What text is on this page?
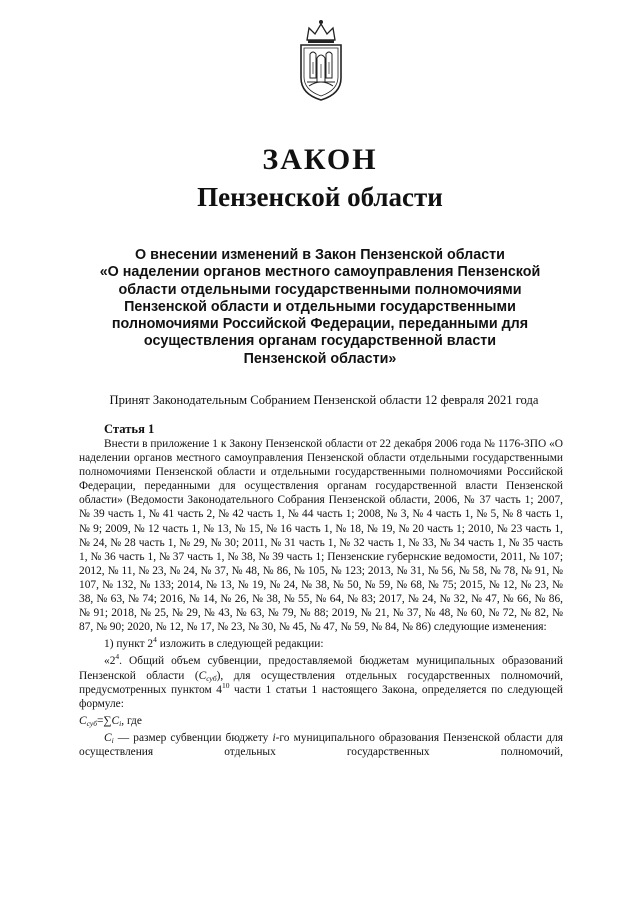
ЗАКОН
Пензенской области
О внесении изменений в Закон Пензенской области
«О наделении органов местного самоуправления Пензенской
области отдельными государственными полномочиями
Пензенской области и отдельными государственными
полномочиями Российской Федерации, переданными для
осуществления органам государственной власти
Пензенской области»
Принят Законодательным Собранием Пензенской области 12 февраля 2021 года
Статья 1

Внести в приложение 1 к Закону Пензенской области от 22 декабря 2006 года № 1176-ЗПО «О наделении органов местного самоуправления Пензенской области отдельными государственными полномочиями Пензенской области и отдельными государственными полномочиями Российской Федерации, переданными для осуществления органам государственной власти Пензенской области» (Ведомости Законодательного Собрания Пензенской области, 2006, № 37 часть 1; 2007, № 39 часть 1, № 41 часть 2, № 42 часть 1, № 44 часть 1; 2008, № 3, № 4 часть 1, № 5, № 8 часть 1, № 9; 2009, № 12 часть 1, № 13, № 15, № 16 часть 1, № 18, № 19, № 20 часть 1; 2010, № 23 часть 1, № 24, № 28 часть 1, № 29, № 30; 2011, № 31 часть 1, № 32 часть 1, № 33, № 34 часть 1, № 35 часть 1, № 36 часть 1, № 37 часть 1, № 38, № 39 часть 1; Пензенские губернские ведомости, 2011, № 107; 2012, № 11, № 23, № 24, № 37, № 48, № 86, № 105, № 123; 2013, № 31, № 56, № 58, № 78, № 91, № 107, № 132, № 133; 2014, № 13, № 19, № 24, № 38, № 50, № 59, № 68, № 75; 2015, № 12, № 23, № 38, № 63, № 74; 2016, № 14, № 26, № 38, № 55, № 64, № 83; 2017, № 24, № 32, № 47, № 66, № 86, № 91; 2018, № 25, № 29, № 43, № 63, № 79, № 88; 2019, № 21, № 37, № 48, № 60, № 72, № 82, № 87, № 90; 2020, № 12, № 17, № 23, № 30, № 45, № 47, № 59, № 84, № 86) следующие изменения:

1) пункт $2^4$ изложить в следующей редакции:

«$2^4$. Общий объем субвенции, предоставляемой бюджетам муниципальных образований Пензенской области $(C_{суб})$, для осуществления отдельных государственных полномочий, предусмотренных пунктом $4^{10}$ части 1 статьи 1 настоящего Закона, определяется по следующей формуле:

$C_{суб}=\sum C_i$, где

$C_i$ — размер субвенции бюджету i-го муниципального образования Пензенской области для осуществления отдельных государственных полномочий,
